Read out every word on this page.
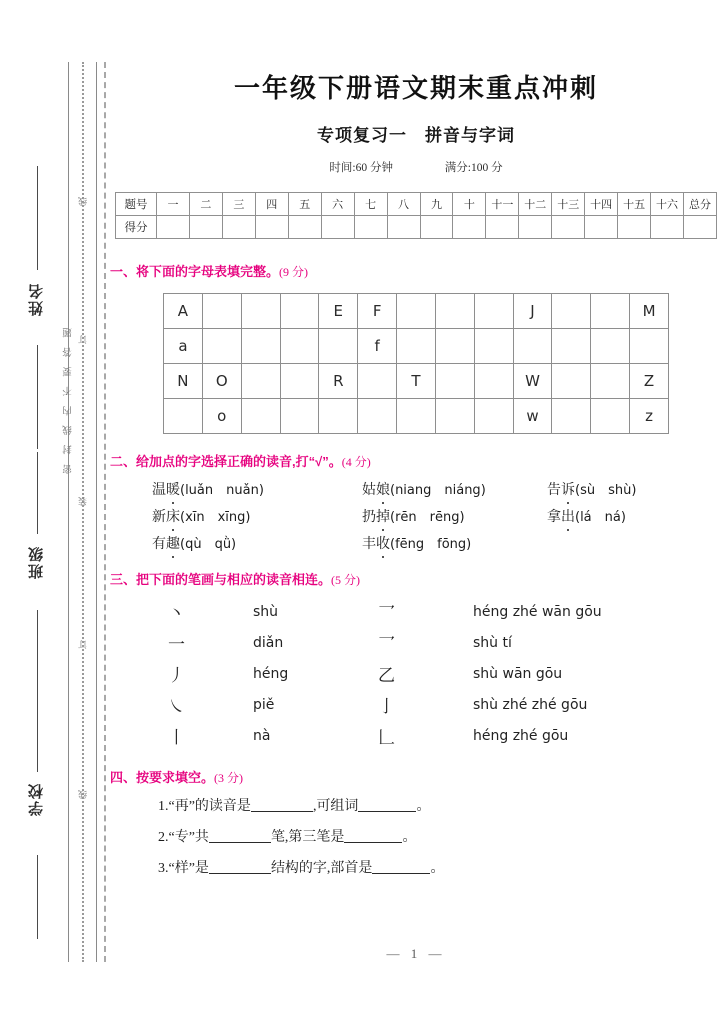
姓名
班级
学校
密封线内不要答题
线
订
装
订
线
一年级下册语文期末重点冲刺
专项复习一　拼音与字词
时间:60 分钟	满分:100 分
题号	一	二	三	四	五	六	七	八	九	十	十一	十二	十三	十四	十五	十六	总分
得分																	
一、将下面的字母表填完整。(9 分)
A				E	F				J			M
a					f							
N	O			R		T			W			Z
	o								w			z
二、给加点的字选择正确的读音,打“√”。(4 分)
温暖(luǎn　nuǎn)	姑娘(niang　niáng)	告诉(sù　shù)
新床(xīn　xīng)	扔掉(rēn　rēng)	拿出(lá　ná)
有趣(qù　qǜ)	丰收(fēng　fōng)
三、把下面的笔画与相应的读音相连。(5 分)
丶	shù	乛	héng zhé wān gōu
一	diǎn	乛	shù tí
丿	héng	乙	shù wān gōu
㇏	piě	亅	shù zhé zhé gōu
丨	nà	𠃊	héng zhé gōu
四、按要求填空。(3 分)
1.“再”的读音是	,可组词	。
2.“专”共	笔,第三笔是	。
3.“样”是	结构的字,部首是	。
— 1 —
